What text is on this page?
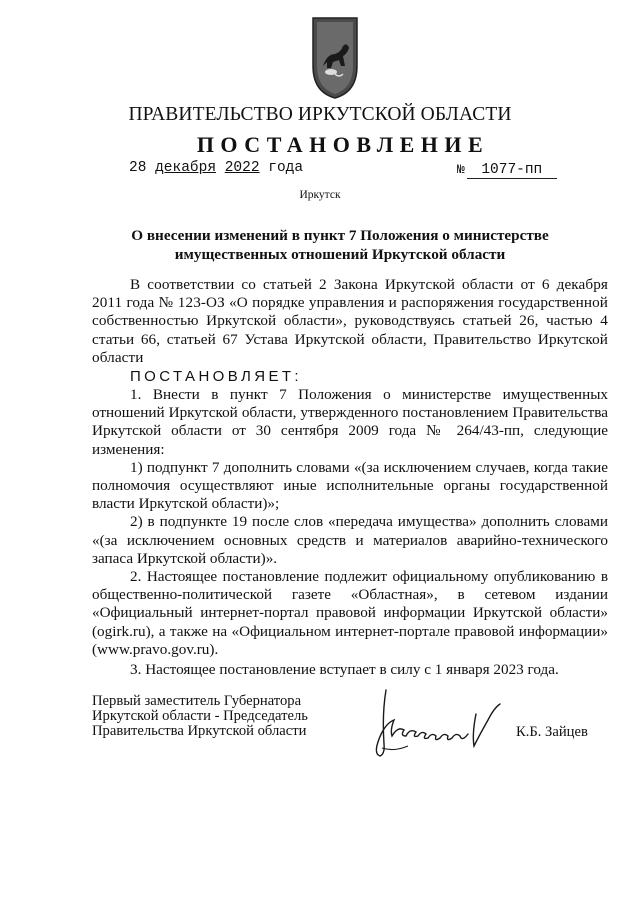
ПРАВИТЕЛЬСТВО ИРКУТСКОЙ ОБЛАСТИ
ПОСТАНОВЛЕНИЕ
28 декабря 2022 года	№ 1077-пп
Иркутск
О внесении изменений в пункт 7 Положения о министерстве
имущественных отношений Иркутской области

В соответствии со статьей 2 Закона Иркутской области от 6 декабря 2011 года № 123-ОЗ «О порядке управления и распоряжения государственной собственностью Иркутской области», руководствуясь статьей 26, частью 4 статьи 66, статьей 67 Устава Иркутской области, Правительство Иркутской области

ПОСТАНОВЛЯЕТ:

1. Внести в пункт 7 Положения о министерстве имущественных отношений Иркутской области, утвержденного постановлением Правительства Иркутской области от 30 сентября 2009 года № 264/43-пп, следующие изменения:

1) подпункт 7 дополнить словами «(за исключением случаев, когда такие полномочия осуществляют иные исполнительные органы государственной власти Иркутской области)»;

2) в подпункте 19 после слов «передача имущества» дополнить словами «(за исключением основных средств и материалов аварийно-технического запаса Иркутской области)».

2. Настоящее постановление подлежит официальному опубликованию в общественно-политической газете «Областная», в сетевом издании «Официальный интернет-портал правовой информации Иркутской области» (ogirk.ru), а также на «Официальном интернет-портале правовой информации» (www.pravo.gov.ru).

3. Настоящее постановление вступает в силу с 1 января 2023 года.

Первый заместитель Губернатора
Иркутской области - Председатель
Правительства Иркутской области	К.Б. Зайцев
